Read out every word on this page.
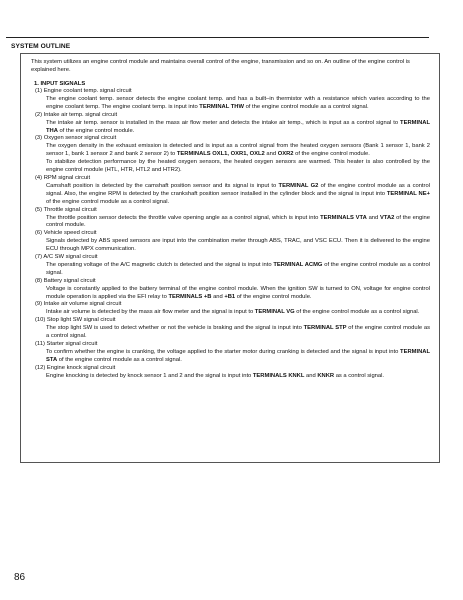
SYSTEM OUTLINE
This system utilizes an engine control module and maintains overall control of the engine, transmission and so on. An outline of the engine control is explained here.
1. INPUT SIGNALS
(1) Engine coolant temp. signal circuit
The engine coolant temp. sensor detects the engine coolant temp. and has a built–in thermistor with a resistance which varies according to the engine coolant temp. The engine coolant temp. is input into TERMINAL THW of the engine control module as a control signal.
(2) Intake air temp. signal circuit
The intake air temp. sensor is installed in the mass air flow meter and detects the intake air temp., which is input as a control signal to TERMINAL THA of the engine control module.
(3) Oxygen sensor signal circuit
The oxygen density in the exhaust emission is detected and is input as a control signal from the heated oxygen sensors (Bank 1 sensor 1, bank 2 sensor 1, bank 1 sensor 2 and bank 2 sensor 2) to TERMINALS OXL1, OXR1, OXL2 and OXR2 of the engine control module.
To stabilize detection performance by the heated oxygen sensors, the heated oxygen sensors are warmed. This heater is also controlled by the engine control module (HTL, HTR, HTL2 and HTR2).
(4) RPM signal circuit
Camshaft position is detected by the camshaft position sensor and its signal is input to TERMINAL G2 of the engine control module as a control signal. Also, the engine RPM is detected by the crankshaft position sensor installed in the cylinder block and the signal is input into TERMINAL NE+ of the engine control module as a control signal.
(5) Throttle signal circuit
The throttle position sensor detects the throttle valve opening angle as a control signal, which is input into TERMINALS VTA and VTA2 of the engine control module.
(6) Vehicle speed circuit
Signals detected by ABS speed sensors are input into the combination meter through ABS, TRAC, and VSC ECU. Then it is delivered to the engine ECU through MPX communication.
(7) A/C SW signal circuit
The operating voltage of the A/C magnetic clutch is detected and the signal is input into TERMINAL ACMG of the engine control module as a control signal.
(8) Battery signal circuit
Voltage is constantly applied to the battery terminal of the engine control module. When the ignition SW is turned to ON, voltage for engine control module operation is applied via the EFI relay to TERMINALS +B and +B1 of the engine control module.
(9) Intake air volume signal circuit
Intake air volume is detected by the mass air flow meter and the signal is input to TERMINAL VG of the engine control module as a control signal.
(10) Stop light SW signal circuit
The stop light SW is used to detect whether or not the vehicle is braking and the signal is input into TERMINAL STP of the engine control module as a control signal.
(11) Starter signal circuit
To confirm whether the engine is cranking, the voltage applied to the starter motor during cranking is detected and the signal is input into TERMINAL STA of the engine control module as a control signal.
(12) Engine knock signal circuit
Engine knocking is detected by knock sensor 1 and 2 and the signal is input into TERMINALS KNKL and KNKR as a control signal.
86
